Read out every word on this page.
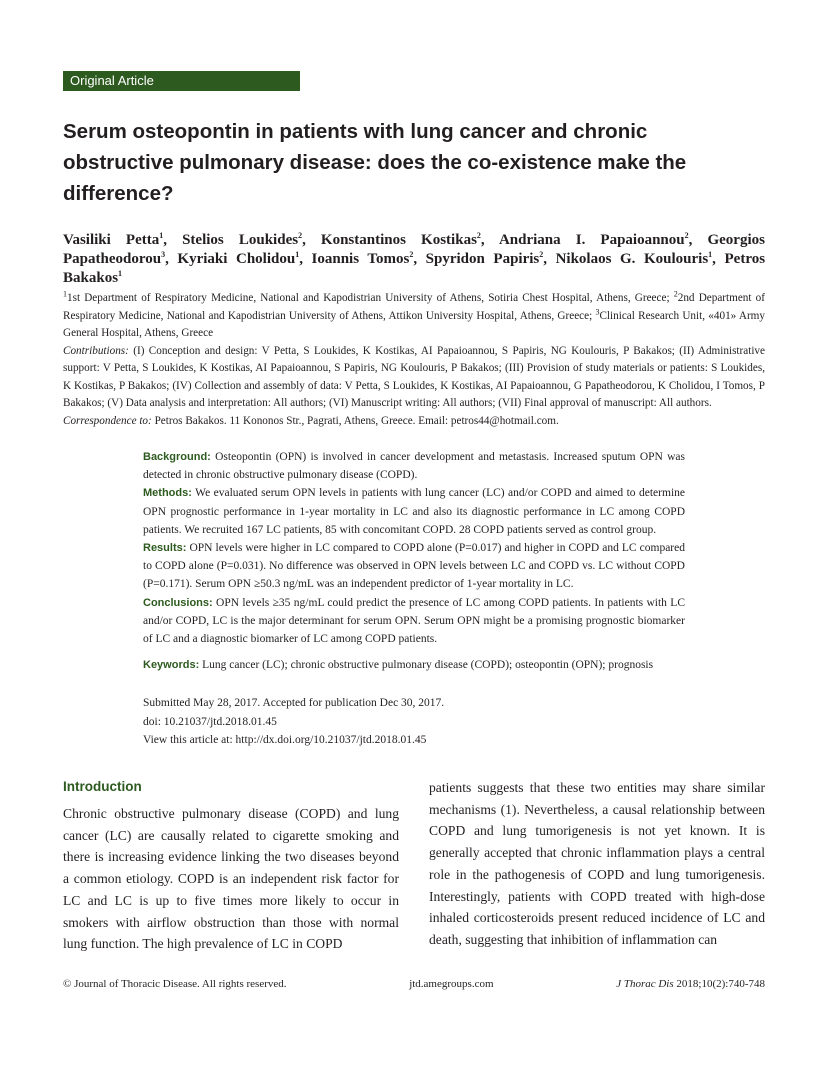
Original Article
Serum osteopontin in patients with lung cancer and chronic obstructive pulmonary disease: does the co-existence make the difference?
Vasiliki Petta$^1$, Stelios Loukides$^2$, Konstantinos Kostikas$^2$, Andriana I. Papaioannou$^2$, Georgios Papatheodorou$^3$, Kyriaki Cholidou$^1$, Ioannis Tomos$^2$, Spyridon Papiris$^2$, Nikolaos G. Koulouris$^1$, Petros Bakakos$^1$

$^1$1st Department of Respiratory Medicine, National and Kapodistrian University of Athens, Sotiria Chest Hospital, Athens, Greece; $^2$2nd Department of Respiratory Medicine, National and Kapodistrian University of Athens, Attikon University Hospital, Athens, Greece; $^3$Clinical Research Unit, «401» Army General Hospital, Athens, Greece

Contributions: (I) Conception and design: V Petta, S Loukides, K Kostikas, AI Papaioannou, S Papiris, NG Koulouris, P Bakakos; (II) Administrative support: V Petta, S Loukides, K Kostikas, AI Papaioannou, S Papiris, NG Koulouris, P Bakakos; (III) Provision of study materials or patients: S Loukides, K Kostikas, P Bakakos; (IV) Collection and assembly of data: V Petta, S Loukides, K Kostikas, AI Papaioannou, G Papatheodorou, K Cholidou, I Tomos, P Bakakos; (V) Data analysis and interpretation: All authors; (VI) Manuscript writing: All authors; (VII) Final approval of manuscript: All authors.

Correspondence to: Petros Bakakos. 11 Kononos Str., Pagrati, Athens, Greece. Email: petros44@hotmail.com.

Background: Osteopontin (OPN) is involved in cancer development and metastasis. Increased sputum OPN was detected in chronic obstructive pulmonary disease (COPD).

Methods: We evaluated serum OPN levels in patients with lung cancer (LC) and/or COPD and aimed to determine OPN prognostic performance in 1-year mortality in LC and also its diagnostic performance in LC among COPD patients. We recruited 167 LC patients, 85 with concomitant COPD. 28 COPD patients served as control group.

Results: OPN levels were higher in LC compared to COPD alone (P=0.017) and higher in COPD and LC compared to COPD alone (P=0.031). No difference was observed in OPN levels between LC and COPD vs. LC without COPD (P=0.171). Serum OPN ≥50.3 ng/mL was an independent predictor of 1-year mortality in LC.

Conclusions: OPN levels ≥35 ng/mL could predict the presence of LC among COPD patients. In patients with LC and/or COPD, LC is the major determinant for serum OPN. Serum OPN might be a promising prognostic biomarker of LC and a diagnostic biomarker of LC among COPD patients.

Keywords: Lung cancer (LC); chronic obstructive pulmonary disease (COPD); osteopontin (OPN); prognosis

Submitted May 28, 2017. Accepted for publication Dec 30, 2017.

doi: 10.21037/jtd.2018.01.45

View this article at: http://dx.doi.org/10.21037/jtd.2018.01.45

Introduction
Chronic obstructive pulmonary disease (COPD) and lung cancer (LC) are causally related to cigarette smoking and there is increasing evidence linking the two diseases beyond a common etiology. COPD is an independent risk factor for LC and LC is up to five times more likely to occur in smokers with airflow obstruction than those with normal lung function. The high prevalence of LC in COPD
patients suggests that these two entities may share similar mechanisms (1). Nevertheless, a causal relationship between COPD and lung tumorigenesis is not yet known. It is generally accepted that chronic inflammation plays a central role in the pathogenesis of COPD and lung tumorigenesis. Interestingly, patients with COPD treated with high-dose inhaled corticosteroids present reduced incidence of LC and death, suggesting that inhibition of inflammation can
© Journal of Thoracic Disease. All rights reserved.	jtd.amegroups.com	J Thorac Dis 2018;10(2):740-748
